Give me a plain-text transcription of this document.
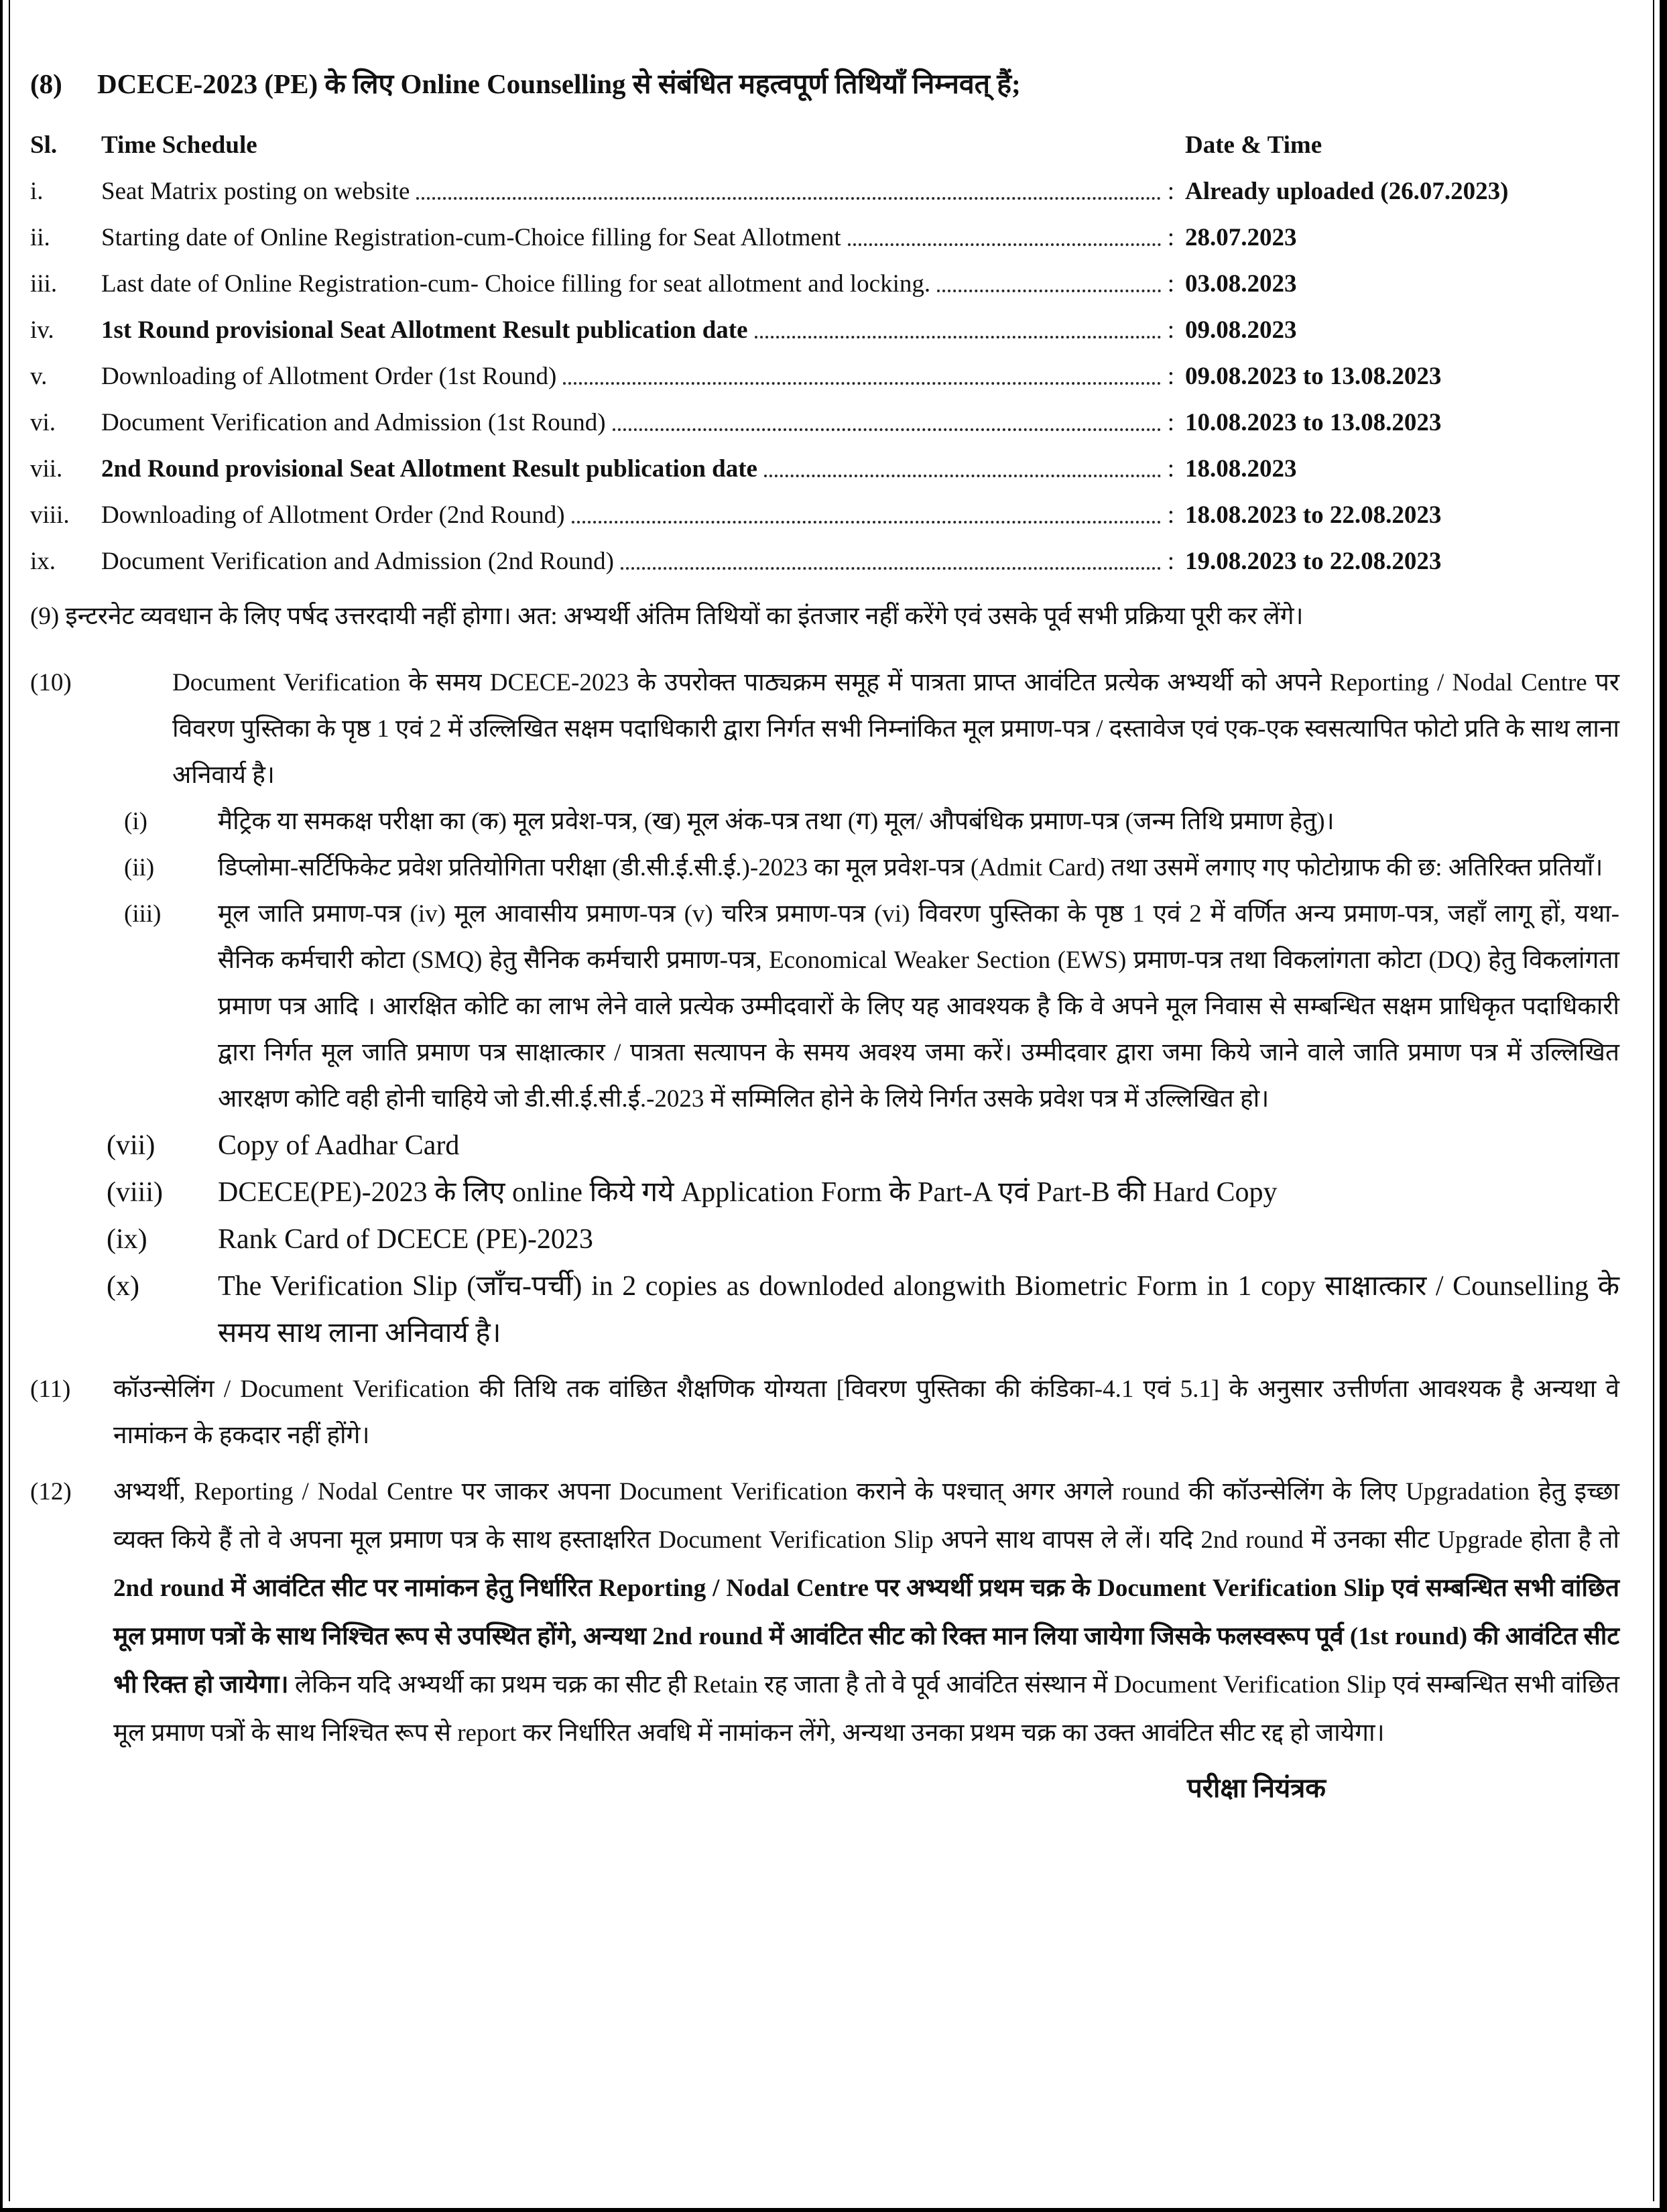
(8)	DCECE-2023 (PE) के लिए Online Counselling से संबंधित महत्वपूर्ण तिथियाँ निम्नवत् हैं;
Sl.	Time Schedule	Date & Time
i.	Seat Matrix posting on website	: Already uploaded (26.07.2023)
ii.	Starting date of Online Registration-cum-Choice filling for Seat Allotment	: 28.07.2023
iii.	Last date of Online Registration-cum- Choice filling for seat allotment and locking.	: 03.08.2023
iv.	1st Round provisional Seat Allotment Result publication date	: 09.08.2023
v.	Downloading of Allotment Order (1st Round)	: 09.08.2023 to 13.08.2023
vi.	Document Verification and Admission (1st Round)	: 10.08.2023 to 13.08.2023
vii.	2nd Round provisional Seat Allotment Result publication date	: 18.08.2023
viii.	Downloading of Allotment Order (2nd Round)	: 18.08.2023 to 22.08.2023
ix.	Document Verification and Admission (2nd Round)	: 19.08.2023 to 22.08.2023
(9) इन्टरनेट व्यवधान के लिए पर्षद उत्तरदायी नहीं होगा। अत: अभ्यर्थी अंतिम तिथियों का इंतजार नहीं करेंगे एवं उसके पूर्व सभी प्रक्रिया पूरी कर लेंगे।
(10)	Document Verification के समय DCECE-2023 के उपरोक्त पाठ्यक्रम समूह में पात्रता प्राप्त आवंटित प्रत्येक अभ्यर्थी को अपने Reporting / Nodal Centre पर विवरण पुस्तिका के पृष्ठ 1 एवं 2 में उल्लिखित सक्षम पदाधिकारी द्वारा निर्गत सभी निम्नांकित मूल प्रमाण-पत्र / दस्तावेज एवं एक-एक स्वसत्यापित फोटो प्रति के साथ लाना अनिवार्य है।
(i)	मैट्रिक या समकक्ष परीक्षा का (क) मूल प्रवेश-पत्र, (ख) मूल अंक-पत्र तथा (ग) मूल/ औपबंधिक प्रमाण-पत्र (जन्म तिथि प्रमाण हेतु)।
(ii)	डिप्लोमा-सर्टिफिकेट प्रवेश प्रतियोगिता परीक्षा (डी.सी.ई.सी.ई.)-2023 का मूल प्रवेश-पत्र (Admit Card) तथा उसमें लगाए गए फोटोग्राफ की छ: अतिरिक्त प्रतियाँ।
(iii)	मूल जाति प्रमाण-पत्र (iv) मूल आवासीय प्रमाण-पत्र (v) चरित्र प्रमाण-पत्र (vi) विवरण पुस्तिका के पृष्ठ 1 एवं 2 में वर्णित अन्य प्रमाण-पत्र, जहाँ लागू हों, यथा- सैनिक कर्मचारी कोटा (SMQ) हेतु सैनिक कर्मचारी प्रमाण-पत्र, Economical Weaker Section (EWS) प्रमाण-पत्र तथा विकलांगता कोटा (DQ) हेतु विकलांगता प्रमाण पत्र आदि । आरक्षित कोटि का लाभ लेने वाले प्रत्येक उम्मीदवारों के लिए यह आवश्यक है कि वे अपने मूल निवास से सम्बन्धित सक्षम प्राधिकृत पदाधिकारी द्वारा निर्गत मूल जाति प्रमाण पत्र साक्षात्कार / पात्रता सत्यापन के समय अवश्य जमा करें। उम्मीदवार द्वारा जमा किये जाने वाले जाति प्रमाण पत्र में उल्लिखित आरक्षण कोटि वही होनी चाहिये जो डी.सी.ई.सी.ई.-2023 में सम्मिलित होने के लिये निर्गत उसके प्रवेश पत्र में उल्लिखित हो।
(vii)	Copy of Aadhar Card
(viii)	DCECE(PE)-2023 के लिए online किये गये Application Form के Part-A एवं Part-B की Hard Copy
(ix)	Rank Card of DCECE (PE)-2023
(x)	The Verification Slip (जाँच-पर्ची) in 2 copies as downloded alongwith Biometric Form in 1 copy साक्षात्कार / Counselling के समय साथ लाना अनिवार्य है।
(11)	कॉउन्सेलिंग / Document Verification की तिथि तक वांछित शैक्षणिक योग्यता [विवरण पुस्तिका की कंडिका-4.1 एवं 5.1] के अनुसार उत्तीर्णता आवश्यक है अन्यथा वे नामांकन के हकदार नहीं होंगे।
(12)	अभ्यर्थी, Reporting / Nodal Centre पर जाकर अपना Document Verification कराने के पश्चात् अगर अगले round की कॉउन्सेलिंग के लिए Upgradation हेतु इच्छा व्यक्त किये हैं तो वे अपना मूल प्रमाण पत्र के साथ हस्ताक्षरित Document Verification Slip अपने साथ वापस ले लें। यदि 2nd round में उनका सीट Upgrade होता है तो 2nd round में आवंटित सीट पर नामांकन हेतु निर्धारित Reporting / Nodal Centre पर अभ्यर्थी प्रथम चक्र के Document Verification Slip एवं सम्बन्धित सभी वांछित मूल प्रमाण पत्रों के साथ निश्चित रूप से उपस्थित होंगे, अन्यथा 2nd round में आवंटित सीट को रिक्त मान लिया जायेगा जिसके फलस्वरूप पूर्व (1st round) की आवंटित सीट भी रिक्त हो जायेगा। लेकिन यदि अभ्यर्थी का प्रथम चक्र का सीट ही Retain रह जाता है तो वे पूर्व आवंटित संस्थान में Document Verification Slip एवं सम्बन्धित सभी वांछित मूल प्रमाण पत्रों के साथ निश्चित रूप से report कर निर्धारित अवधि में नामांकन लेंगे, अन्यथा उनका प्रथम चक्र का उक्त आवंटित सीट रद्द हो जायेगा।
परीक्षा नियंत्रक
